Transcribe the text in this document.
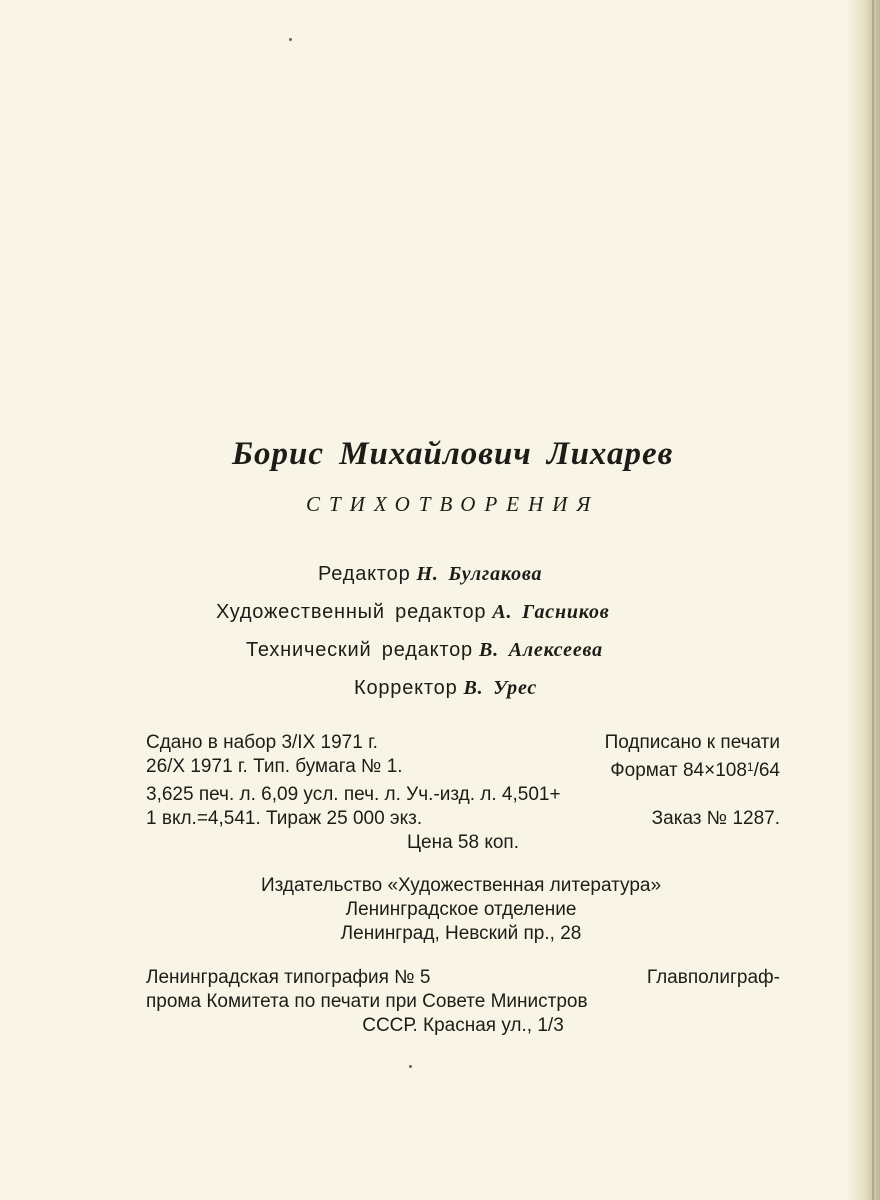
Борис Михайлович Лихарев
СТИХОТВОРЕНИЯ
Редактор Н. Булгакова
Художественный редактор А. Гасников
Технический редактор В. Алексеева
Корректор В. Урес
Сдано в набор 3/IX 1971 г.	Подписано к печати
26/X 1971 г. Тип. бумага № 1.	Формат $84\times 108^1/64$
3,625 печ. л. 6,09 усл. печ. л. Уч.-изд. л. 4,501+
1 вкл.=4,541. Тираж 25 000 экз.	Заказ № 1287.
Цена 58 коп.
Издательство «Художественная литература»
Ленинградское отделение
Ленинград, Невский пр., 28
Ленинградская типография № 5	Главполиграф-
прома Комитета по печати при Совете Министров
СССР. Красная ул., 1/3
